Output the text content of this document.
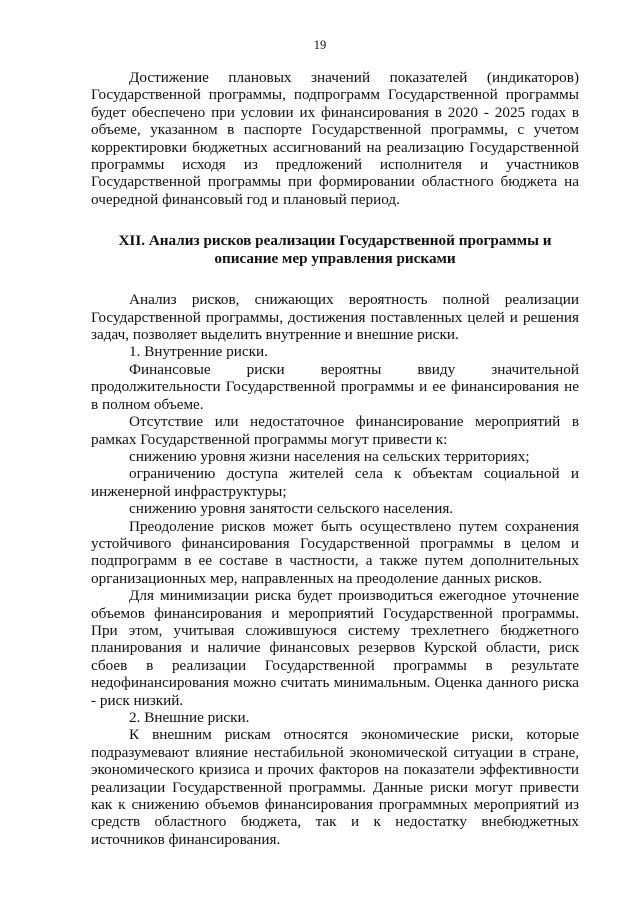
19

Достижение плановых значений показателей (индикаторов) Государственной программы, подпрограмм Государственной программы будет обеспечено при условии их финансирования в 2020 - 2025 годах в объеме, указанном в паспорте Государственной программы, с учетом корректировки бюджетных ассигнований на реализацию Государственной программы исходя из предложений исполнителя и участников Государственной программы при формировании областного бюджета на очередной финансовый год и плановый период.

XII. Анализ рисков реализации Государственной программы и
описание мер управления рисками

Анализ рисков, снижающих вероятность полной реализации Государственной программы, достижения поставленных целей и решения задач, позволяет выделить внутренние и внешние риски.

1. Внутренние риски.

Финансовые риски вероятны ввиду значительной продолжительности Государственной программы и ее финансирования не в полном объеме.

Отсутствие или недостаточное финансирование мероприятий в рамках Государственной программы могут привести к:

снижению уровня жизни населения на сельских территориях;

ограничению доступа жителей села к объектам социальной и инженерной инфраструктуры;

снижению уровня занятости сельского населения.

Преодоление рисков может быть осуществлено путем сохранения устойчивого финансирования Государственной программы в целом и подпрограмм в ее составе в частности, а также путем дополнительных организационных мер, направленных на преодоление данных рисков.

Для минимизации риска будет производиться ежегодное уточнение объемов финансирования и мероприятий Государственной программы. При этом, учитывая сложившуюся систему трехлетнего бюджетного планирования и наличие финансовых резервов Курской области, риск сбоев в реализации Государственной программы в результате недофинансирования можно считать минимальным. Оценка данного риска - риск низкий.

2. Внешние риски.

К внешним рискам относятся экономические риски, которые подразумевают влияние нестабильной экономической ситуации в стране, экономического кризиса и прочих факторов на показатели эффективности реализации Государственной программы. Данные риски могут привести как к снижению объемов финансирования программных мероприятий из средств областного бюджета, так и к недостатку внебюджетных источников финансирования.
